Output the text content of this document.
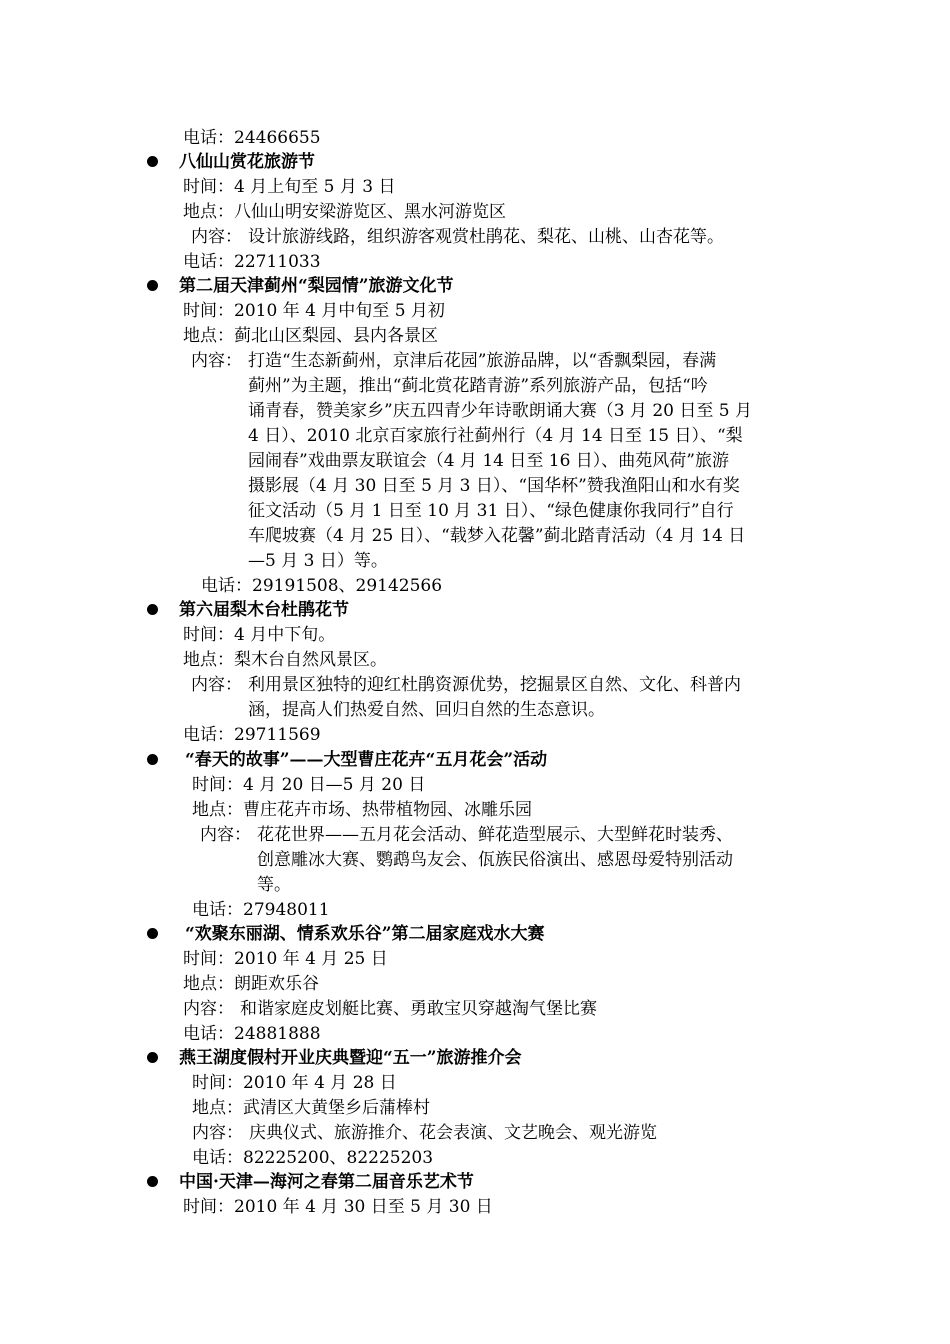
电话：24466655
八仙山赏花旅游节
时间：4 月上旬至 5 月 3 日
地点：八仙山明安梁游览区、黑水河游览区
内容： 设计旅游线路，组织游客观赏杜鹃花、梨花、山桃、山杏花等。
电话：22711033
第二届天津蓟州“梨园情”旅游文化节
时间：2010 年 4 月中旬至 5 月初
地点：蓟北山区梨园、县内各景区
内容： 打造“生态新蓟州，京津后花园”旅游品牌，以“香飘梨园，春满
蓟州”为主题，推出“蓟北赏花踏青游”系列旅游产品，包括“吟
诵青春，赞美家乡”庆五四青少年诗歌朗诵大赛（3 月 20 日至 5 月
4 日）、2010 北京百家旅行社蓟州行（4 月 14 日至 15 日）、“梨
园闹春”戏曲票友联谊会（4 月 14 日至 16 日）、曲苑风荷”旅游
摄影展（4 月 30 日至 5 月 3 日）、“国华杯”赞我渔阳山和水有奖
征文活动（5 月 1 日至 10 月 31 日）、“绿色健康你我同行”自行
车爬坡赛（4 月 25 日）、“载梦入花馨”蓟北踏青活动（4 月 14 日
—5 月 3 日）等。
电话：29191508、29142566
第六届梨木台杜鹃花节
时间：4 月中下旬。
地点：梨木台自然风景区。
内容： 利用景区独特的迎红杜鹃资源优势，挖掘景区自然、文化、科普内
涵，提高人们热爱自然、回归自然的生态意识。
电话：29711569
“春天的故事”——大型曹庄花卉“五月花会”活动
时间：4 月 20 日—5 月 20 日
地点：曹庄花卉市场、热带植物园、冰雕乐园
内容： 花花世界——五月花会活动、鲜花造型展示、大型鲜花时装秀、
创意雕冰大赛、鹦鹉鸟友会、佤族民俗演出、感恩母爱特别活动
等。
电话：27948011
“欢聚东丽湖、情系欢乐谷”第二届家庭戏水大赛
时间：2010 年 4 月 25 日
地点：朗距欢乐谷
内容： 和谐家庭皮划艇比赛、勇敢宝贝穿越淘气堡比赛
电话：24881888
燕王湖度假村开业庆典暨迎“五一”旅游推介会
时间：2010 年 4 月 28 日
地点：武清区大黄堡乡后蒲棒村
内容： 庆典仪式、旅游推介、花会表演、文艺晚会、观光游览
电话：82225200、82225203
中国·天津—海河之春第二届音乐艺术节
时间：2010 年 4 月 30 日至 5 月 30 日
